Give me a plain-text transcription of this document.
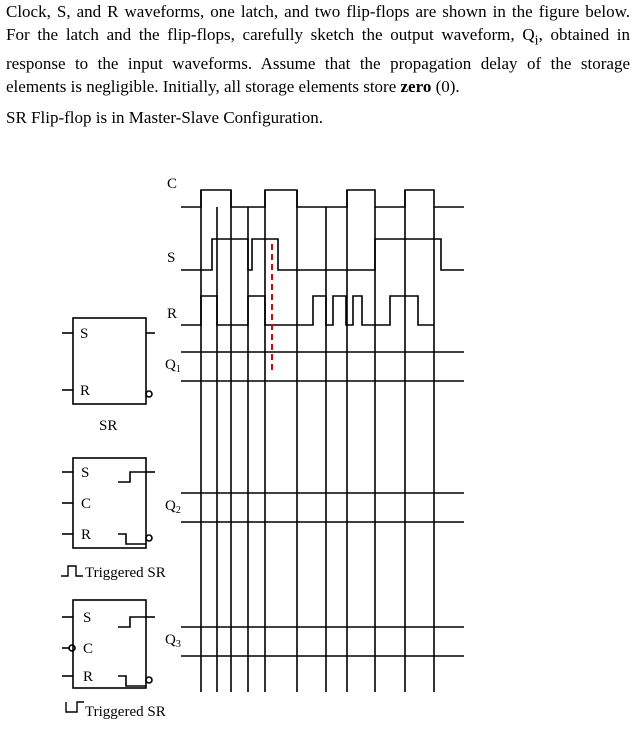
Clock, S, and R waveforms, one latch, and two flip-flops are shown in the figure below. For the latch and the flip-flops, carefully sketch the output waveform, $Q_i$, obtained in response to the input waveforms. Assume that the propagation delay of the storage elements is negligible. Initially, all storage elements store zero (0).

SR Flip-flop is in Master-Slave Configuration.

C
S
R
$Q_1$
$Q_2$
$Q_3$
S
R
SR
S
C
R
Triggered SR
S
C
R
Triggered SR
